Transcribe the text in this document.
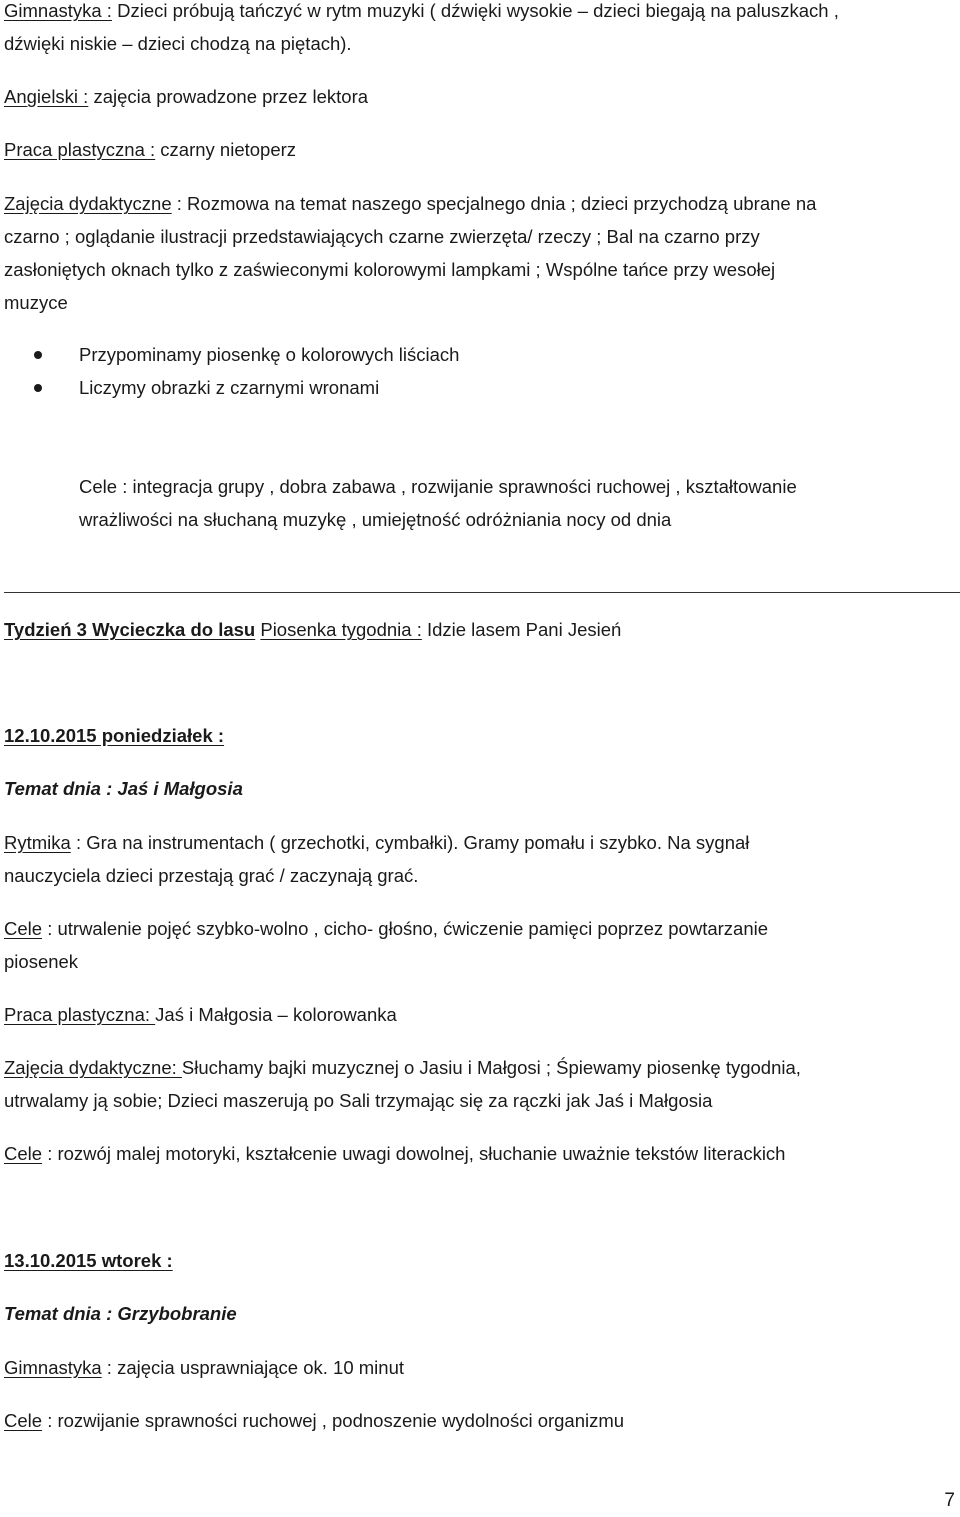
Gimnastyka : Dzieci próbują tańczyć w rytm muzyki ( dźwięki wysokie – dzieci biegają na paluszkach ,
dźwięki niskie – dzieci chodzą na piętach).
Angielski : zajęcia prowadzone przez lektora
Praca plastyczna : czarny nietoperz
Zajęcia dydaktyczne : Rozmowa na temat naszego specjalnego dnia ; dzieci przychodzą ubrane na
czarno ; oglądanie ilustracji przedstawiających czarne zwierzęta/ rzeczy ; Bal na czarno przy
zasłoniętych oknach tylko z zaświeconymi kolorowymi lampkami ; Wspólne tańce przy wesołej
muzyce
Przypominamy piosenkę o kolorowych liściach
Liczymy obrazki z czarnymi wronami
Cele : integracja grupy , dobra zabawa , rozwijanie sprawności ruchowej , kształtowanie
wrażliwości na słuchaną muzykę , umiejętność odróżniania nocy od dnia
Tydzień 3 Wycieczka do lasu Piosenka tygodnia : Idzie lasem Pani Jesień
12.10.2015 poniedziałek :
Temat dnia : Jaś i Małgosia
Rytmika : Gra na instrumentach ( grzechotki, cymbałki). Gramy pomału i szybko. Na sygnał
nauczyciela dzieci przestają grać / zaczynają grać.
Cele : utrwalenie pojęć szybko-wolno , cicho- głośno, ćwiczenie pamięci poprzez powtarzanie
piosenek
Praca plastyczna: Jaś i Małgosia – kolorowanka
Zajęcia dydaktyczne: Słuchamy bajki muzycznej o Jasiu i Małgosi ; Śpiewamy piosenkę tygodnia,
utrwalamy ją sobie; Dzieci maszerują po Sali trzymając się za rączki jak Jaś i Małgosia
Cele : rozwój malej motoryki, kształcenie uwagi dowolnej, słuchanie uważnie tekstów literackich
13.10.2015 wtorek :
Temat dnia : Grzybobranie
Gimnastyka : zajęcia usprawniające ok. 10 minut
Cele : rozwijanie sprawności ruchowej , podnoszenie wydolności organizmu
7
